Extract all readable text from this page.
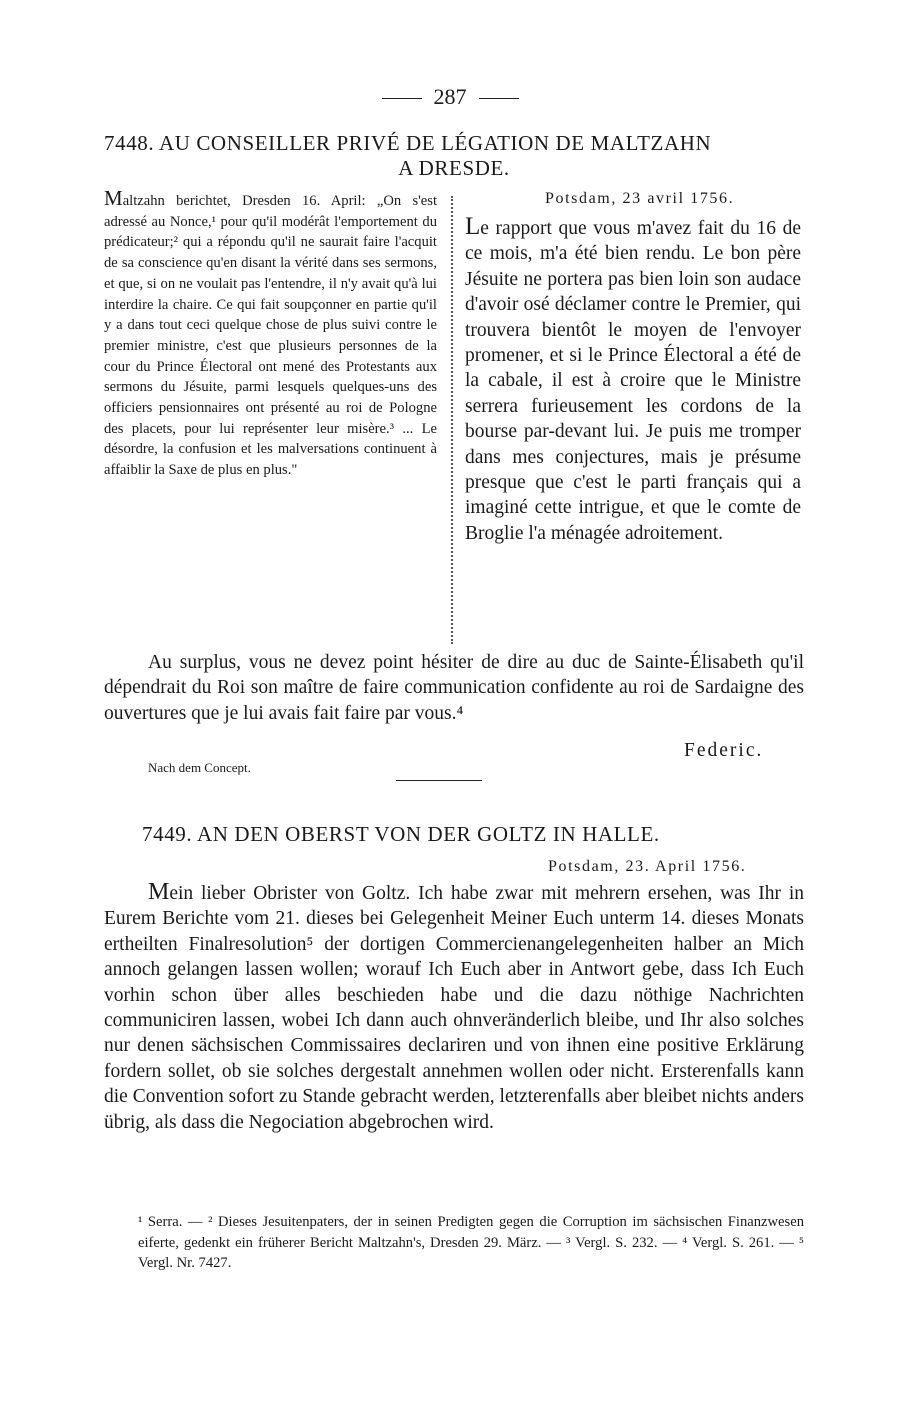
287
7448. AU CONSEILLER PRIVÉ DE LÉGATION DE MALTZAHN
A DRESDE.
Maltzahn berichtet, Dresden 16. April: „On s'est adressé au Nonce,¹ pour qu'il modérât l'emportement du prédicateur;² qui a répondu qu'il ne saurait faire l'acquit de sa conscience qu'en disant la vérité dans ses sermons, et que, si on ne voulait pas l'entendre, il n'y avait qu'à lui interdire la chaire. Ce qui fait soupçonner en partie qu'il y a dans tout ceci quelque chose de plus suivi contre le premier ministre, c'est que plusieurs personnes de la cour du Prince Électoral ont mené des Protestants aux sermons du Jésuite, parmi lesquels quelques-uns des officiers pensionnaires ont présenté au roi de Pologne des placets, pour lui représenter leur misère.³ ... Le désordre, la confusion et les malversations continuent à affaiblir la Saxe de plus en plus."
Potsdam, 23 avril 1756.
Le rapport que vous m'avez fait du 16 de ce mois, m'a été bien rendu. Le bon père Jésuite ne portera pas bien loin son audace d'avoir osé déclamer contre le Premier, qui trouvera bientôt le moyen de l'envoyer promener, et si le Prince Électoral a été de la cabale, il est à croire que le Ministre serrera furieusement les cordons de la bourse par-devant lui. Je puis me tromper dans mes conjectures, mais je présume presque que c'est le parti français qui a imaginé cette intrigue, et que le comte de Broglie l'a ménagée adroitement.
Au surplus, vous ne devez point hésiter de dire au duc de Sainte-Élisabeth qu'il dépendrait du Roi son maître de faire communication confidente au roi de Sardaigne des ouvertures que je lui avais fait faire par vous.⁴
Federic.
Nach dem Concept.
7449. AN DEN OBERST VON DER GOLTZ IN HALLE.
Potsdam, 23. April 1756.
Mein lieber Obrister von Goltz. Ich habe zwar mit mehrern ersehen, was Ihr in Eurem Berichte vom 21. dieses bei Gelegenheit Meiner Euch unterm 14. dieses Monats ertheilten Finalresolution⁵ der dortigen Commercienangelegenheiten halber an Mich annoch gelangen lassen wollen; worauf Ich Euch aber in Antwort gebe, dass Ich Euch vorhin schon über alles beschieden habe und die dazu nöthige Nachrichten communiciren lassen, wobei Ich dann auch ohnveränderlich bleibe, und Ihr also solches nur denen sächsischen Commissaires declariren und von ihnen eine positive Erklärung fordern sollet, ob sie solches dergestalt annehmen wollen oder nicht. Ersterenfalls kann die Convention sofort zu Stande gebracht werden, letzterenfalls aber bleibet nichts anders übrig, als dass die Negociation abgebrochen wird.
¹ Serra. — ² Dieses Jesuitenpaters, der in seinen Predigten gegen die Corruption im sächsischen Finanzwesen eiferte, gedenkt ein früherer Bericht Maltzahn's, Dresden 29. März. — ³ Vergl. S. 232. — ⁴ Vergl. S. 261. — ⁵ Vergl. Nr. 7427.
